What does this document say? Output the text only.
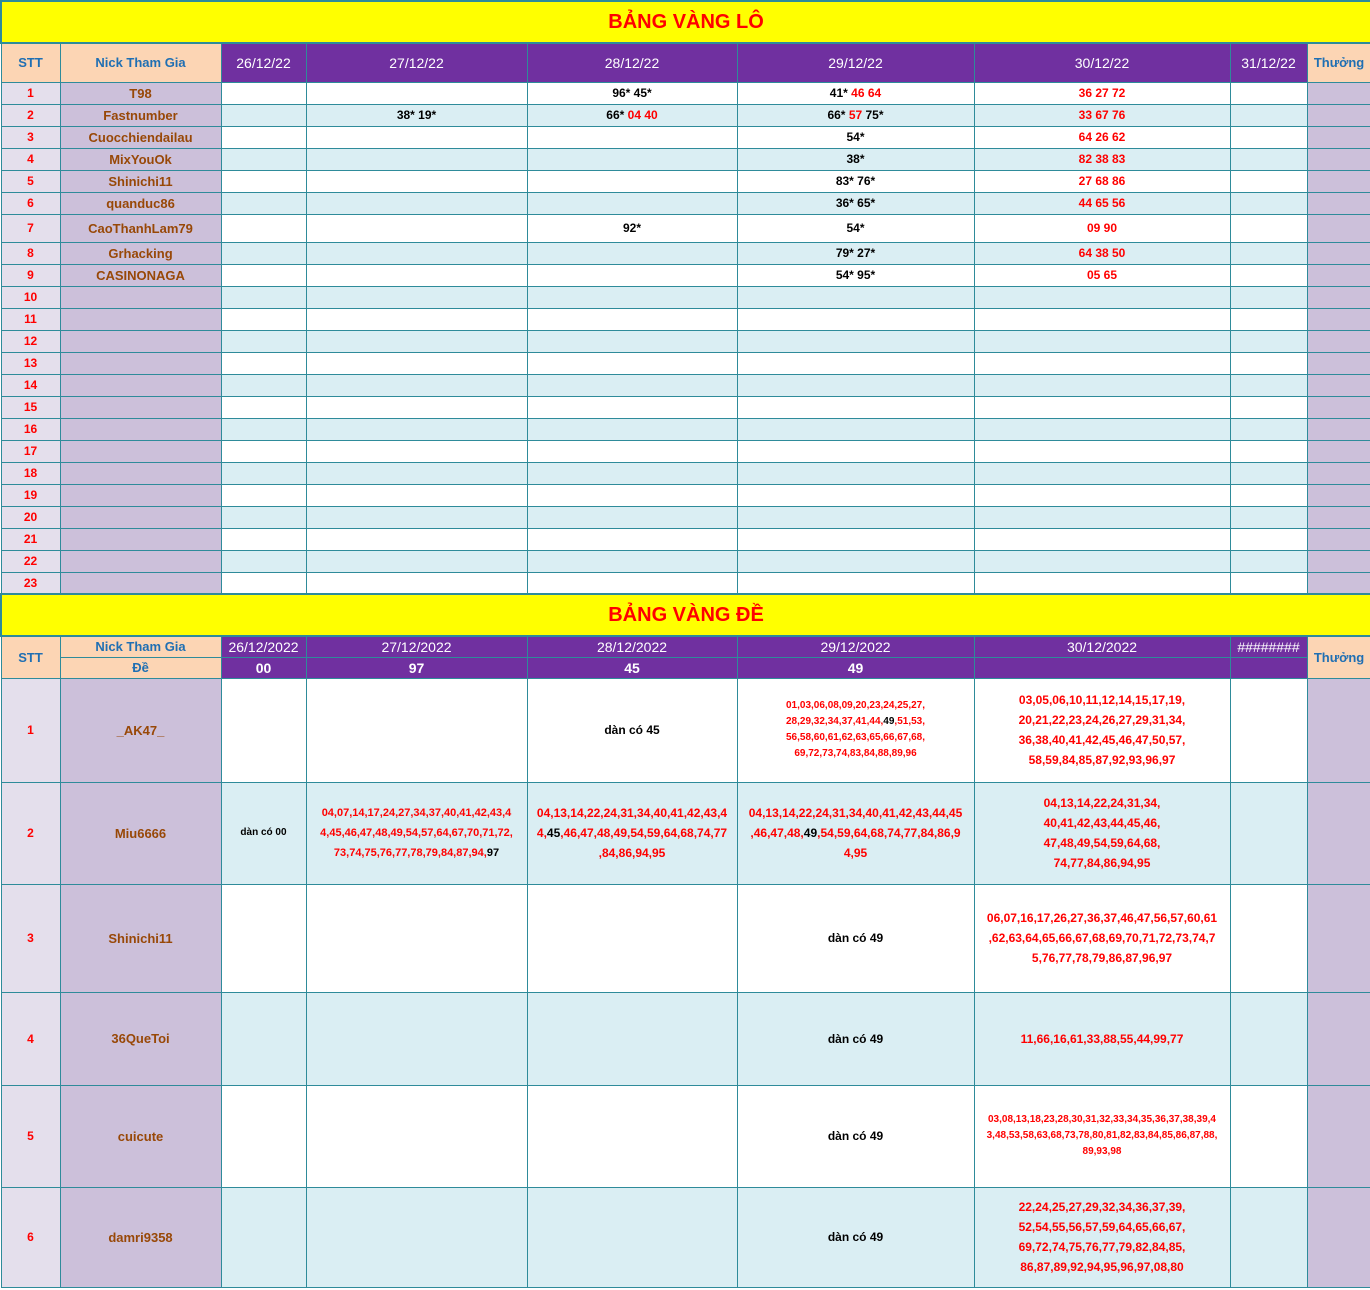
BẢNG VÀNG LÔ								
STT	Nick Tham Gia	26/12/22	27/12/22	28/12/22	29/12/22	30/12/22	31/12/22	Thưởng
1	T98			96* 45*	41* 46 64	36 27 72		
2	Fastnumber		38* 19*	66* 04 40	66* 57 75*	33 67 76		
3	Cuocchiendailau				54*	64 26 62		
4	MixYouOk				38*	82 38 83		
5	Shinichi11				83* 76*	27 68 86		
6	quanduc86				36* 65*	44 65 56		
7	CaoThanhLam79			92*	54*	09 90		
8	Grhacking				79* 27*	64 38 50		
9	CASINONAGA				54* 95*	05 65		
10								
11								
12								
13								
14								
15								
16								
17								
18								
19								
20								
21								
22								
23								
BẢNG VÀNG ĐỀ								
STT	Nick Tham Gia	26/12/2022	27/12/2022	28/12/2022	29/12/2022	30/12/2022	########	Thưởng
	Đề	00	97	45	49			
1	_AK47_			dàn có 45	01,03,06,08,09,20,23,24,25,27,
28,29,32,34,37,41,44,49,51,53,
56,58,60,61,62,63,65,66,67,68,
69,72,73,74,83,84,88,89,96	03,05,06,10,11,12,14,15,17,19,
20,21,22,23,24,26,27,29,31,34,
36,38,40,41,42,45,46,47,50,57,
58,59,84,85,87,92,93,96,97		
2	Miu6666	dàn có 00	04,07,14,17,24,27,34,37,40,41,42,43,4
4,45,46,47,48,49,54,57,64,67,70,71,72,
73,74,75,76,77,78,79,84,87,94,97	04,13,14,22,24,31,34,40,41,42,43,4
4,45,46,47,48,49,54,59,64,68,74,77
,84,86,94,95	04,13,14,22,24,31,34,40,41,42,43,44,45
,46,47,48,49,54,59,64,68,74,77,84,86,9
4,95	04,13,14,22,24,31,34,
40,41,42,43,44,45,46,
47,48,49,54,59,64,68,
74,77,84,86,94,95		
3	Shinichi11				dàn có 49	06,07,16,17,26,27,36,37,46,47,56,57,60,61
,62,63,64,65,66,67,68,69,70,71,72,73,74,7
5,76,77,78,79,86,87,96,97		
4	36QueToi				dàn có 49	11,66,16,61,33,88,55,44,99,77		
5	cuicute				dàn có 49	03,08,13,18,23,28,30,31,32,33,34,35,36,37,38,39,4
3,48,53,58,63,68,73,78,80,81,82,83,84,85,86,87,88,
89,93,98		
6	damri9358				dàn có 49	22,24,25,27,29,32,34,36,37,39,
52,54,55,56,57,59,64,65,66,67,
69,72,74,75,76,77,79,82,84,85,
86,87,89,92,94,95,96,97,08,80		
